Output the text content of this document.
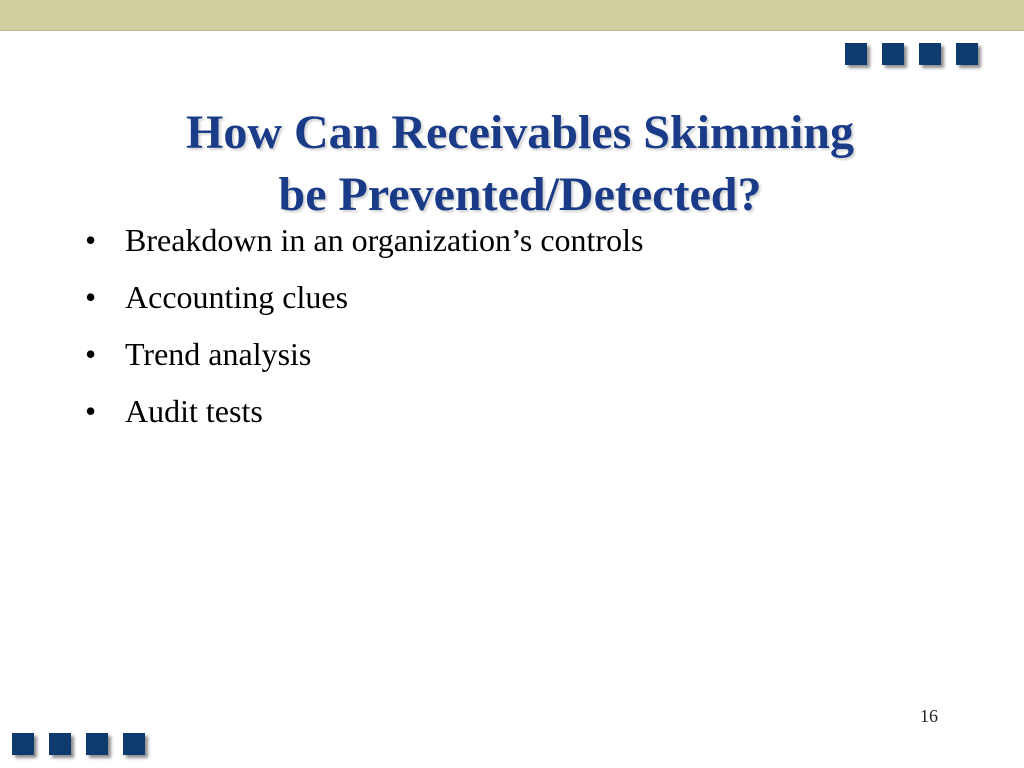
How Can Receivables Skimming
be Prevented/Detected?
• Breakdown in an organization’s controls
• Accounting clues
• Trend analysis
• Audit tests
16
